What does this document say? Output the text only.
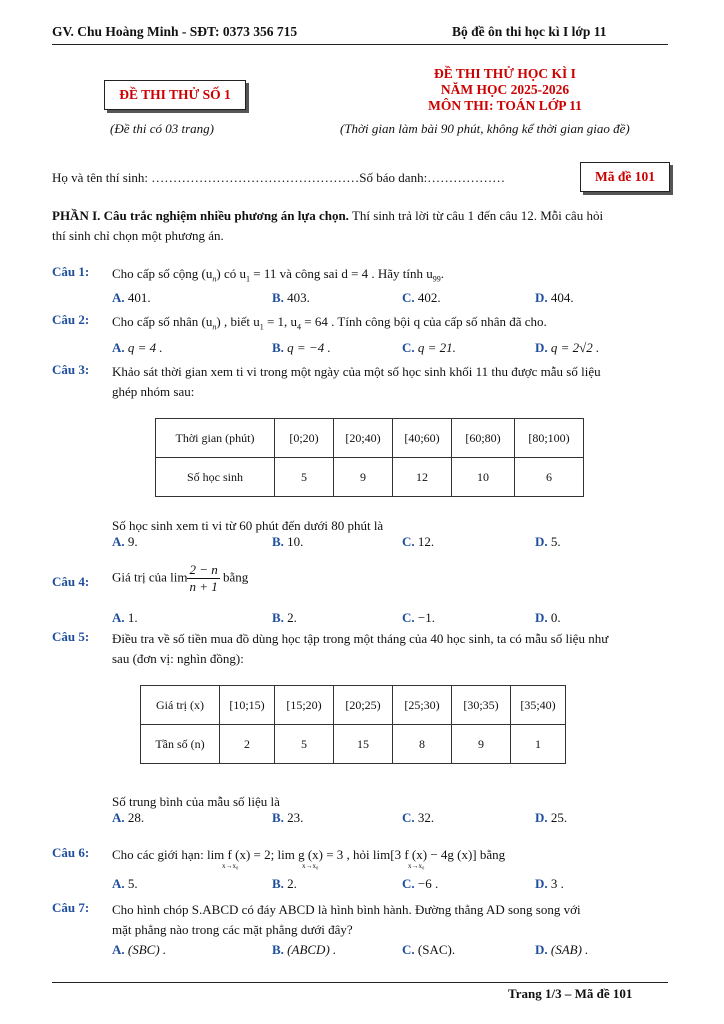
GV. Chu Hoàng Minh - SĐT: 0373 356 715	Bộ đề ôn thi học kì I lớp 11
ĐỀ THI THỬ SỐ 1
(Đề thi có 03 trang)
ĐỀ THI THỬ HỌC KÌ I
NĂM HỌC 2025-2026
MÔN THI: TOÁN LỚP 11
(Thời gian làm bài 90 phút, không kể thời gian giao đề)
Họ và tên thí sinh: …………………………………………Số báo danh:………………	Mã đề 101
PHẦN I. Câu trắc nghiệm nhiều phương án lựa chọn. Thí sinh trả lời từ câu 1 đến câu 12. Mỗi câu hỏi
thí sinh chỉ chọn một phương án.
Câu 1: Cho cấp số cộng $(u_n)$ có $u_1 = 11$ và công sai d = 4 . Hãy tính $u_{99}$.
A. 401.	B. 403.	C. 402.	D. 404.
Câu 2: Cho cấp số nhân $(u_n)$ , biết $u_1 = 1$, $u_4 = 64$ . Tính công bội q của cấp số nhân đã cho.
A. q = 4 .	B. q = −4 .	C. q = 21.	D. q = 2√2 .
Câu 3: Khảo sát thời gian xem ti vi trong một ngày của một số học sinh khối 11 thu được mẫu số liệu
ghép nhóm sau:
Thời gian (phút)	[0;20)	[20;40)	[40;60)	[60;80)	[80;100)
Số học sinh	5	9	12	10	6
Số học sinh xem ti vi từ 60 phút đến dưới 80 phút là
A. 9.	B. 10.	C. 12.	D. 5.
Câu 4: Giá trị của $\lim \frac{2 - n}{n + 1}$ bằng
A. 1.	B. 2.	C. −1.	D. 0.
Câu 5: Điều tra về số tiền mua đồ dùng học tập trong một tháng của 40 học sinh, ta có mẫu số liệu như
sau (đơn vị: nghìn đồng):
Giá trị (x)	[10;15)	[15;20)	[20;25)	[25;30)	[30;35)	[35;40)
Tần số (n)	2	5	15	8	9	1
Số trung bình của mẫu số liệu là
A. 28.	B. 23.	C. 32.	D. 25.
Câu 6: Cho các giới hạn: lim f (x) = 2; lim g (x) = 3 , hỏi lim[3 f (x) − 4g (x)] bằng
x→x₀	x→x₀	x→x₀
A. 5.	B. 2.	C. −6 .	D. 3 .
Câu 7: Cho hình chóp S.ABCD có đáy ABCD là hình bình hành. Đường thẳng AD song song với
mặt phẳng nào trong các mặt phẳng dưới đây?
A. (SBC) .	B. (ABCD) .	C. (SAC).	D. (SAB) .
Trang 1/3 – Mã đề 101
